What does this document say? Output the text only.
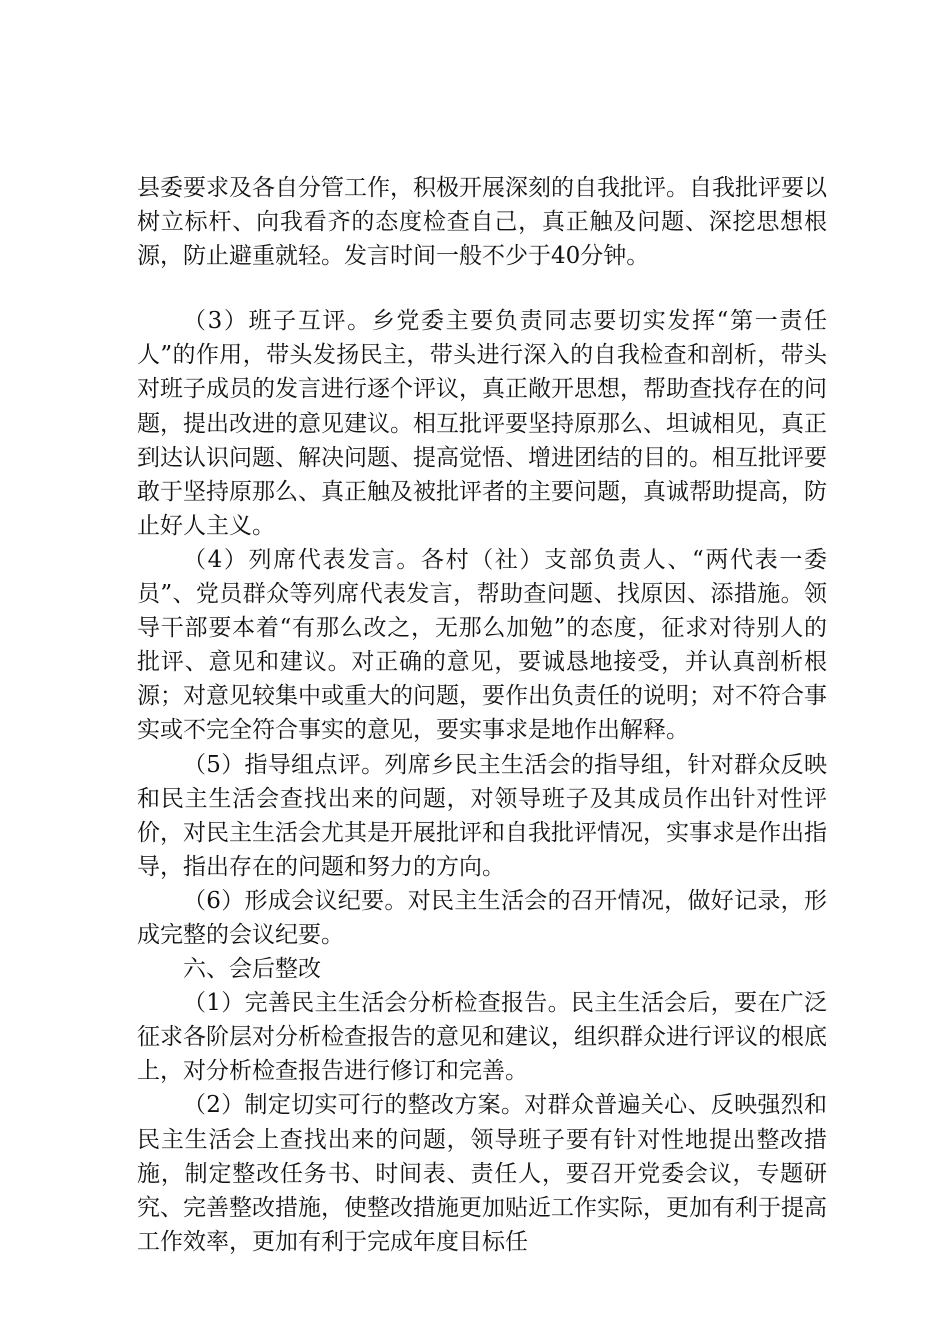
县委要求及各自分管工作，积极开展深刻的自我批评。自我批评要以树立标杆、向我看齐的态度检查自己，真正触及问题、深挖思想根源，防止避重就轻。发言时间一般不少于40分钟。

（3）班子互评。乡党委主要负责同志要切实发挥“第一责任人”的作用，带头发扬民主，带头进行深入的自我检查和剖析，带头对班子成员的发言进行逐个评议，真正敞开思想，帮助查找存在的问题，提出改进的意见建议。相互批评要坚持原那么、坦诚相见，真正到达认识问题、解决问题、提高觉悟、增进团结的目的。相互批评要敢于坚持原那么、真正触及被批评者的主要问题，真诚帮助提高，防止好人主义。

（4）列席代表发言。各村（社）支部负责人、“两代表一委员”、党员群众等列席代表发言，帮助查问题、找原因、添措施。领导干部要本着“有那么改之，无那么加勉”的态度，征求对待别人的批评、意见和建议。对正确的意见，要诚恳地接受，并认真剖析根源；对意见较集中或重大的问题，要作出负责任的说明；对不符合事实或不完全符合事实的意见，要实事求是地作出解释。

（5）指导组点评。列席乡民主生活会的指导组，针对群众反映和民主生活会查找出来的问题，对领导班子及其成员作出针对性评价，对民主生活会尤其是开展批评和自我批评情况，实事求是作出指导，指出存在的问题和努力的方向。

（6）形成会议纪要。对民主生活会的召开情况，做好记录，形成完整的会议纪要。

六、会后整改

（1）完善民主生活会分析检查报告。民主生活会后，要在广泛征求各阶层对分析检查报告的意见和建议，组织群众进行评议的根底上，对分析检查报告进行修订和完善。

（2）制定切实可行的整改方案。对群众普遍关心、反映强烈和民主生活会上查找出来的问题，领导班子要有针对性地提出整改措施，制定整改任务书、时间表、责任人，要召开党委会议，专题研究、完善整改措施，使整改措施更加贴近工作实际，更加有利于提高工作效率，更加有利于完成年度目标任
